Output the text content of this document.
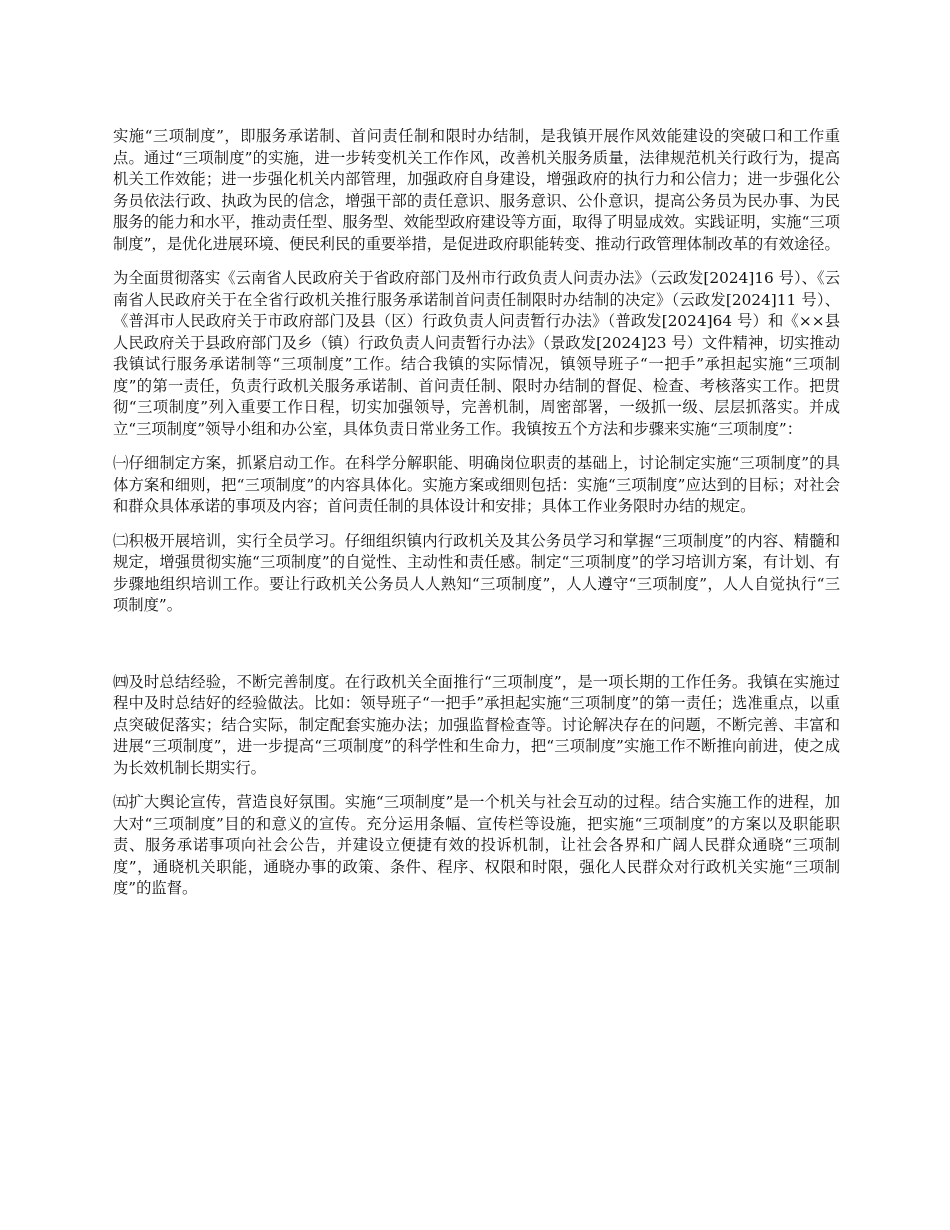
实施“三项制度”，即服务承诺制、首问责任制和限时办结制，是我镇开展作风效能建设的突破口和工作重点。通过“三项制度”的实施，进一步转变机关工作作风，改善机关服务质量，法律规范机关行政行为，提高机关工作效能；进一步强化机关内部管理，加强政府自身建设，增强政府的执行力和公信力；进一步强化公务员依法行政、执政为民的信念，增强干部的责任意识、服务意识、公仆意识，提高公务员为民办事、为民服务的能力和水平，推动责任型、服务型、效能型政府建设等方面，取得了明显成效。实践证明，实施“三项制度”，是优化进展环境、便民利民的重要举措，是促进政府职能转变、推动行政管理体制改革的有效途径。

为全面贯彻落实《云南省人民政府关于省政府部门及州市行政负责人问责办法》（云政发[2024]16 号）、《云南省人民政府关于在全省行政机关推行服务承诺制首问责任制限时办结制的决定》（云政发[2024]11 号）、《普洱市人民政府关于市政府部门及县（区）行政负责人问责暂行办法》（普政发[2024]64 号）和《××县人民政府关于县政府部门及乡（镇）行政负责人问责暂行办法》（景政发[2024]23 号）文件精神，切实推动我镇试行服务承诺制等“三项制度”工作。结合我镇的实际情况，镇领导班子“一把手”承担起实施“三项制度”的第一责任，负责行政机关服务承诺制、首问责任制、限时办结制的督促、检查、考核落实工作。把贯彻“三项制度”列入重要工作日程，切实加强领导，完善机制，周密部署，一级抓一级、层层抓落实。并成立“三项制度”领导小组和办公室，具体负责日常业务工作。我镇按五个方法和步骤来实施“三项制度”：

㈠仔细制定方案，抓紧启动工作。在科学分解职能、明确岗位职责的基础上，讨论制定实施“三项制度”的具体方案和细则，把“三项制度”的内容具体化。实施方案或细则包括：实施“三项制度”应达到的目标；对社会和群众具体承诺的事项及内容；首问责任制的具体设计和安排；具体工作业务限时办结的规定。

㈡积极开展培训，实行全员学习。仔细组织镇内行政机关及其公务员学习和掌握“三项制度”的内容、精髓和规定，增强贯彻实施“三项制度”的自觉性、主动性和责任感。制定“三项制度”的学习培训方案，有计划、有步骤地组织培训工作。要让行政机关公务员人人熟知“三项制度”，人人遵守“三项制度”，人人自觉执行“三项制度”。

㈣及时总结经验，不断完善制度。在行政机关全面推行“三项制度”，是一项长期的工作任务。我镇在实施过程中及时总结好的经验做法。比如：领导班子“一把手”承担起实施“三项制度”的第一责任；选准重点，以重点突破促落实；结合实际，制定配套实施办法；加强监督检查等。讨论解决存在的问题，不断完善、丰富和进展“三项制度”，进一步提高“三项制度”的科学性和生命力，把“三项制度”实施工作不断推向前进，使之成为长效机制长期实行。

㈤扩大舆论宣传，营造良好氛围。实施“三项制度”是一个机关与社会互动的过程。结合实施工作的进程，加大对“三项制度”目的和意义的宣传。充分运用条幅、宣传栏等设施，把实施“三项制度”的方案以及职能职责、服务承诺事项向社会公告，并建设立便捷有效的投诉机制，让社会各界和广阔人民群众通晓“三项制度”，通晓机关职能，通晓办事的政策、条件、程序、权限和时限，强化人民群众对行政机关实施“三项制度”的监督。
